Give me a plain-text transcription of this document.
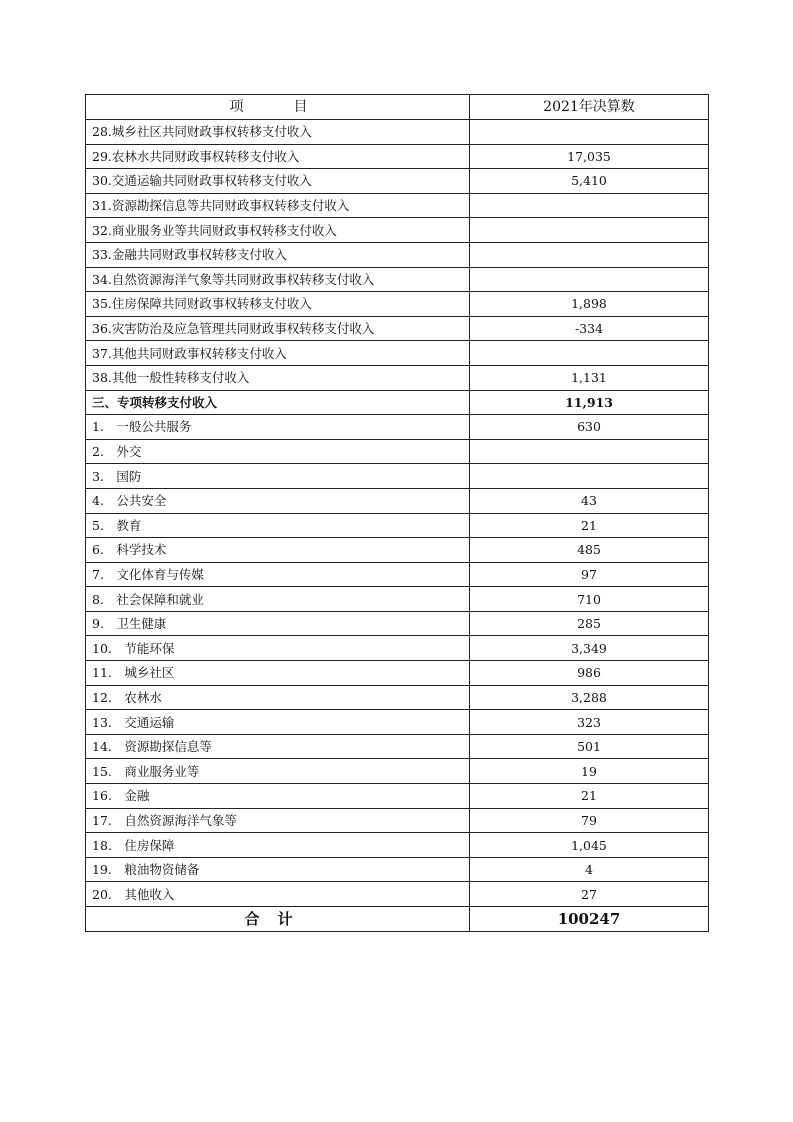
项　目	2021年决算数
28.城乡社区共同财政事权转移支付收入	
29.农林水共同财政事权转移支付收入	17,035
30.交通运输共同财政事权转移支付收入	5,410
31.资源勘探信息等共同财政事权转移支付收入	
32.商业服务业等共同财政事权转移支付收入	
33.金融共同财政事权转移支付收入	
34.自然资源海洋气象等共同财政事权转移支付收入	
35.住房保障共同财政事权转移支付收入	1,898
36.灾害防治及应急管理共同财政事权转移支付收入	-334
37.其他共同财政事权转移支付收入	
38.其他一般性转移支付收入	1,131
三、专项转移支付收入	11,913
1.　一般公共服务	630
2.　外交	
3.　国防	
4.　公共安全	43
5.　教育	21
6.　科学技术	485
7.　文化体育与传媒	97
8.　社会保障和就业	710
9.　卫生健康	285
10.　节能环保	3,349
11.　城乡社区	986
12.　农林水	3,288
13.　交通运输	323
14.　资源勘探信息等	501
15.　商业服务业等	19
16.　金融	21
17.　自然资源海洋气象等	79
18.　住房保障	1,045
19.　粮油物资储备	4
20.　其他收入	27
合计	100247
